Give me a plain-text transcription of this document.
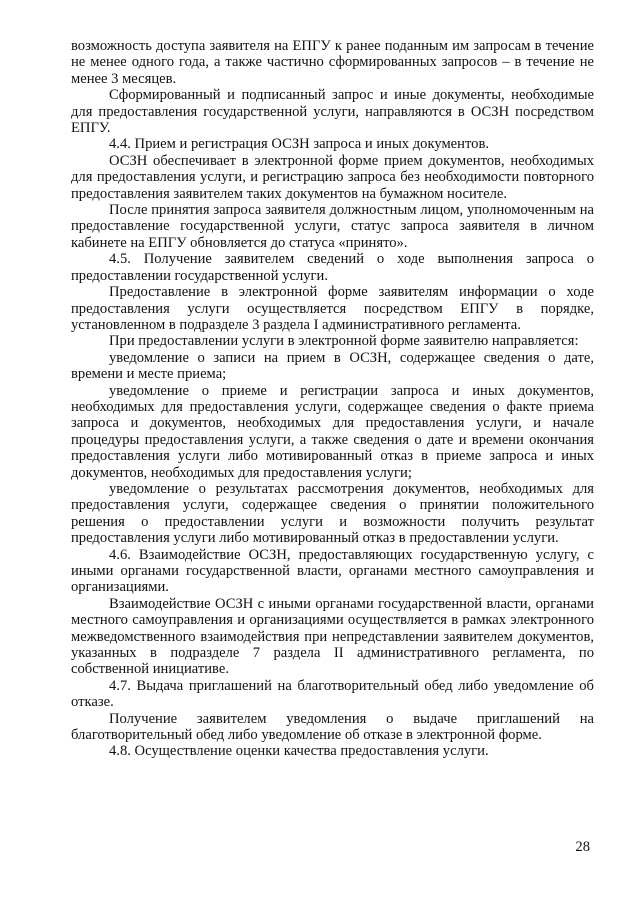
возможность доступа заявителя на ЕПГУ к ранее поданным им запросам в течение не менее одного года, а также частично сформированных запросов – в течение не менее 3 месяцев.

Сформированный и подписанный запрос и иные документы, необходимые для предоставления государственной услуги, направляются в ОСЗН посредством ЕПГУ.

4.4. Прием и регистрация ОСЗН запроса и иных документов.

ОСЗН обеспечивает в электронной форме прием документов, необходимых для предоставления услуги, и регистрацию запроса без необходимости повторного предоставления заявителем таких документов на бумажном носителе.

После принятия запроса заявителя должностным лицом, уполномоченным на предоставление государственной услуги, статус запроса заявителя в личном кабинете на ЕПГУ обновляется до статуса «принято».

4.5. Получение заявителем сведений о ходе выполнения запроса о предоставлении государственной услуги.

Предоставление в электронной форме заявителям информации о ходе предоставления услуги осуществляется посредством ЕПГУ в порядке, установленном в подразделе 3 раздела I административного регламента.

При предоставлении услуги в электронной форме заявителю направляется:

уведомление о записи на прием в ОСЗН, содержащее сведения о дате, времени и месте приема;

уведомление о приеме и регистрации запроса и иных документов, необходимых для предоставления услуги, содержащее сведения о факте приема запроса и документов, необходимых для предоставления услуги, и начале процедуры предоставления услуги, а также сведения о дате и времени окончания предоставления услуги либо мотивированный отказ в приеме запроса и иных документов, необходимых для предоставления услуги;

уведомление о результатах рассмотрения документов, необходимых для предоставления услуги, содержащее сведения о принятии положительного решения о предоставлении услуги и возможности получить результат предоставления услуги либо мотивированный отказ в предоставлении услуги.

4.6. Взаимодействие ОСЗН, предоставляющих государственную услугу, с иными органами государственной власти, органами местного самоуправления и организациями.

Взаимодействие ОСЗН с иными органами государственной власти, органами местного самоуправления и организациями осуществляется в рамках электронного межведомственного взаимодействия при непредставлении заявителем документов, указанных в подразделе 7 раздела II административного регламента, по собственной инициативе.

4.7. Выдача приглашений на благотворительный обед либо уведомление об отказе.

Получение заявителем уведомления о выдаче приглашений на благотворительный обед либо уведомление об отказе в электронной форме.

4.8. Осуществление оценки качества предоставления услуги.

28
